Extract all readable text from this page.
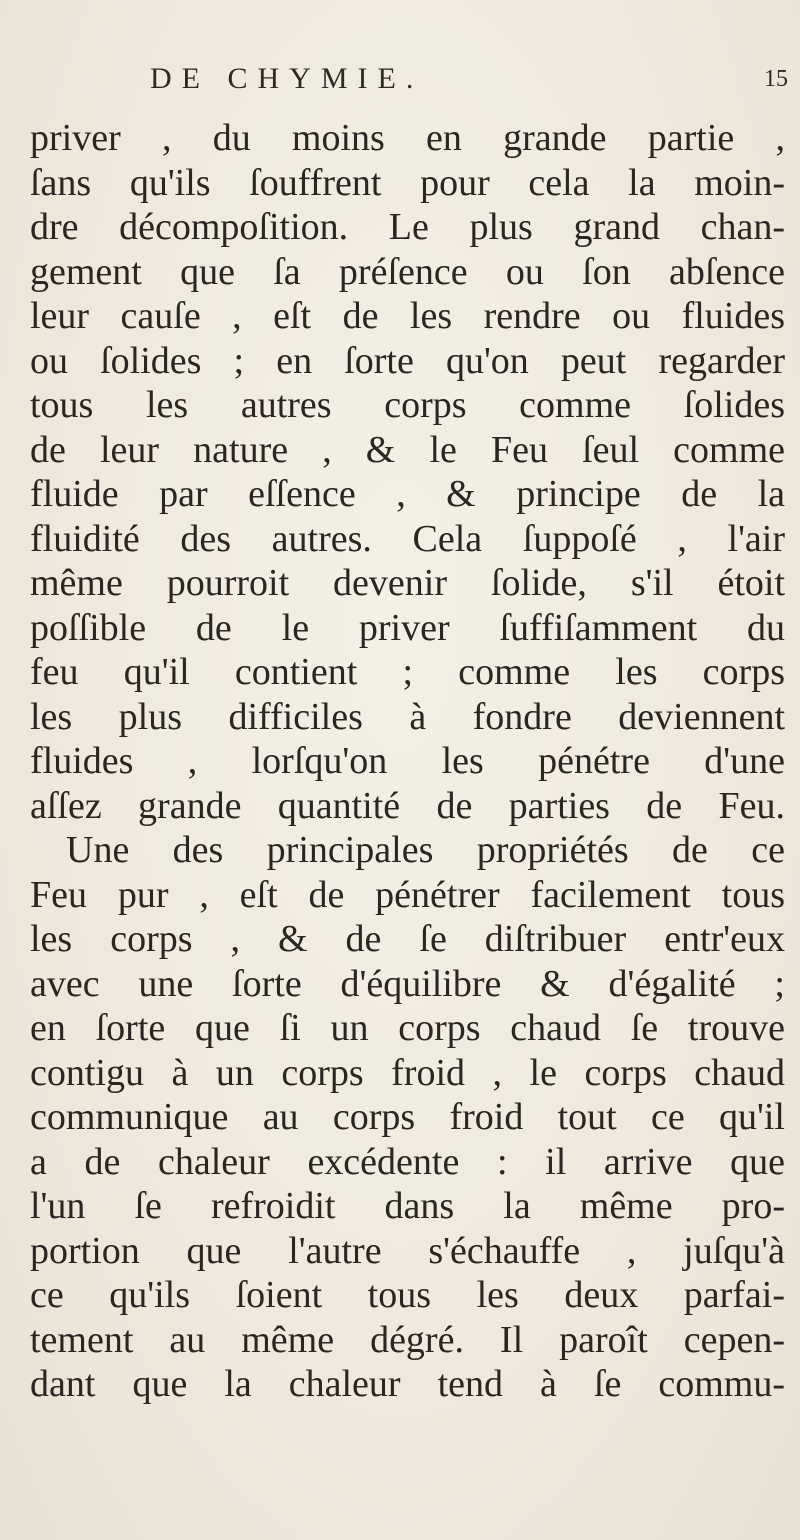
DE CHYMIE.	15
priver , du moins en grande partie ,
ſans qu'ils ſouffrent pour cela la moin-
dre décompoſition. Le plus grand chan-
gement que ſa préſence ou ſon abſence
leur cauſe , eſt de les rendre ou fluides
ou ſolides ; en ſorte qu'on peut regarder
tous les autres corps comme ſolides
de leur nature , & le Feu ſeul comme
fluide par eſſence , & principe de la
fluidité des autres. Cela ſuppoſé , l'air
même pourroit devenir ſolide, s'il étoit
poſſible de le priver ſuffiſamment du
feu qu'il contient ; comme les corps
les plus difficiles à fondre deviennent
fluides , lorſqu'on les pénétre d'une
aſſez grande quantité de parties de Feu.
Une des principales propriétés de ce
Feu pur , eſt de pénétrer facilement tous
les corps , & de ſe diſtribuer entr'eux
avec une ſorte d'équilibre & d'égalité ;
en ſorte que ſi un corps chaud ſe trouve
contigu à un corps froid , le corps chaud
communique au corps froid tout ce qu'il
a de chaleur excédente : il arrive que
l'un ſe refroidit dans la même pro-
portion que l'autre s'échauffe , juſqu'à
ce qu'ils ſoient tous les deux parfai-
tement au même dégré. Il paroît cepen-
dant que la chaleur tend à ſe commu-
